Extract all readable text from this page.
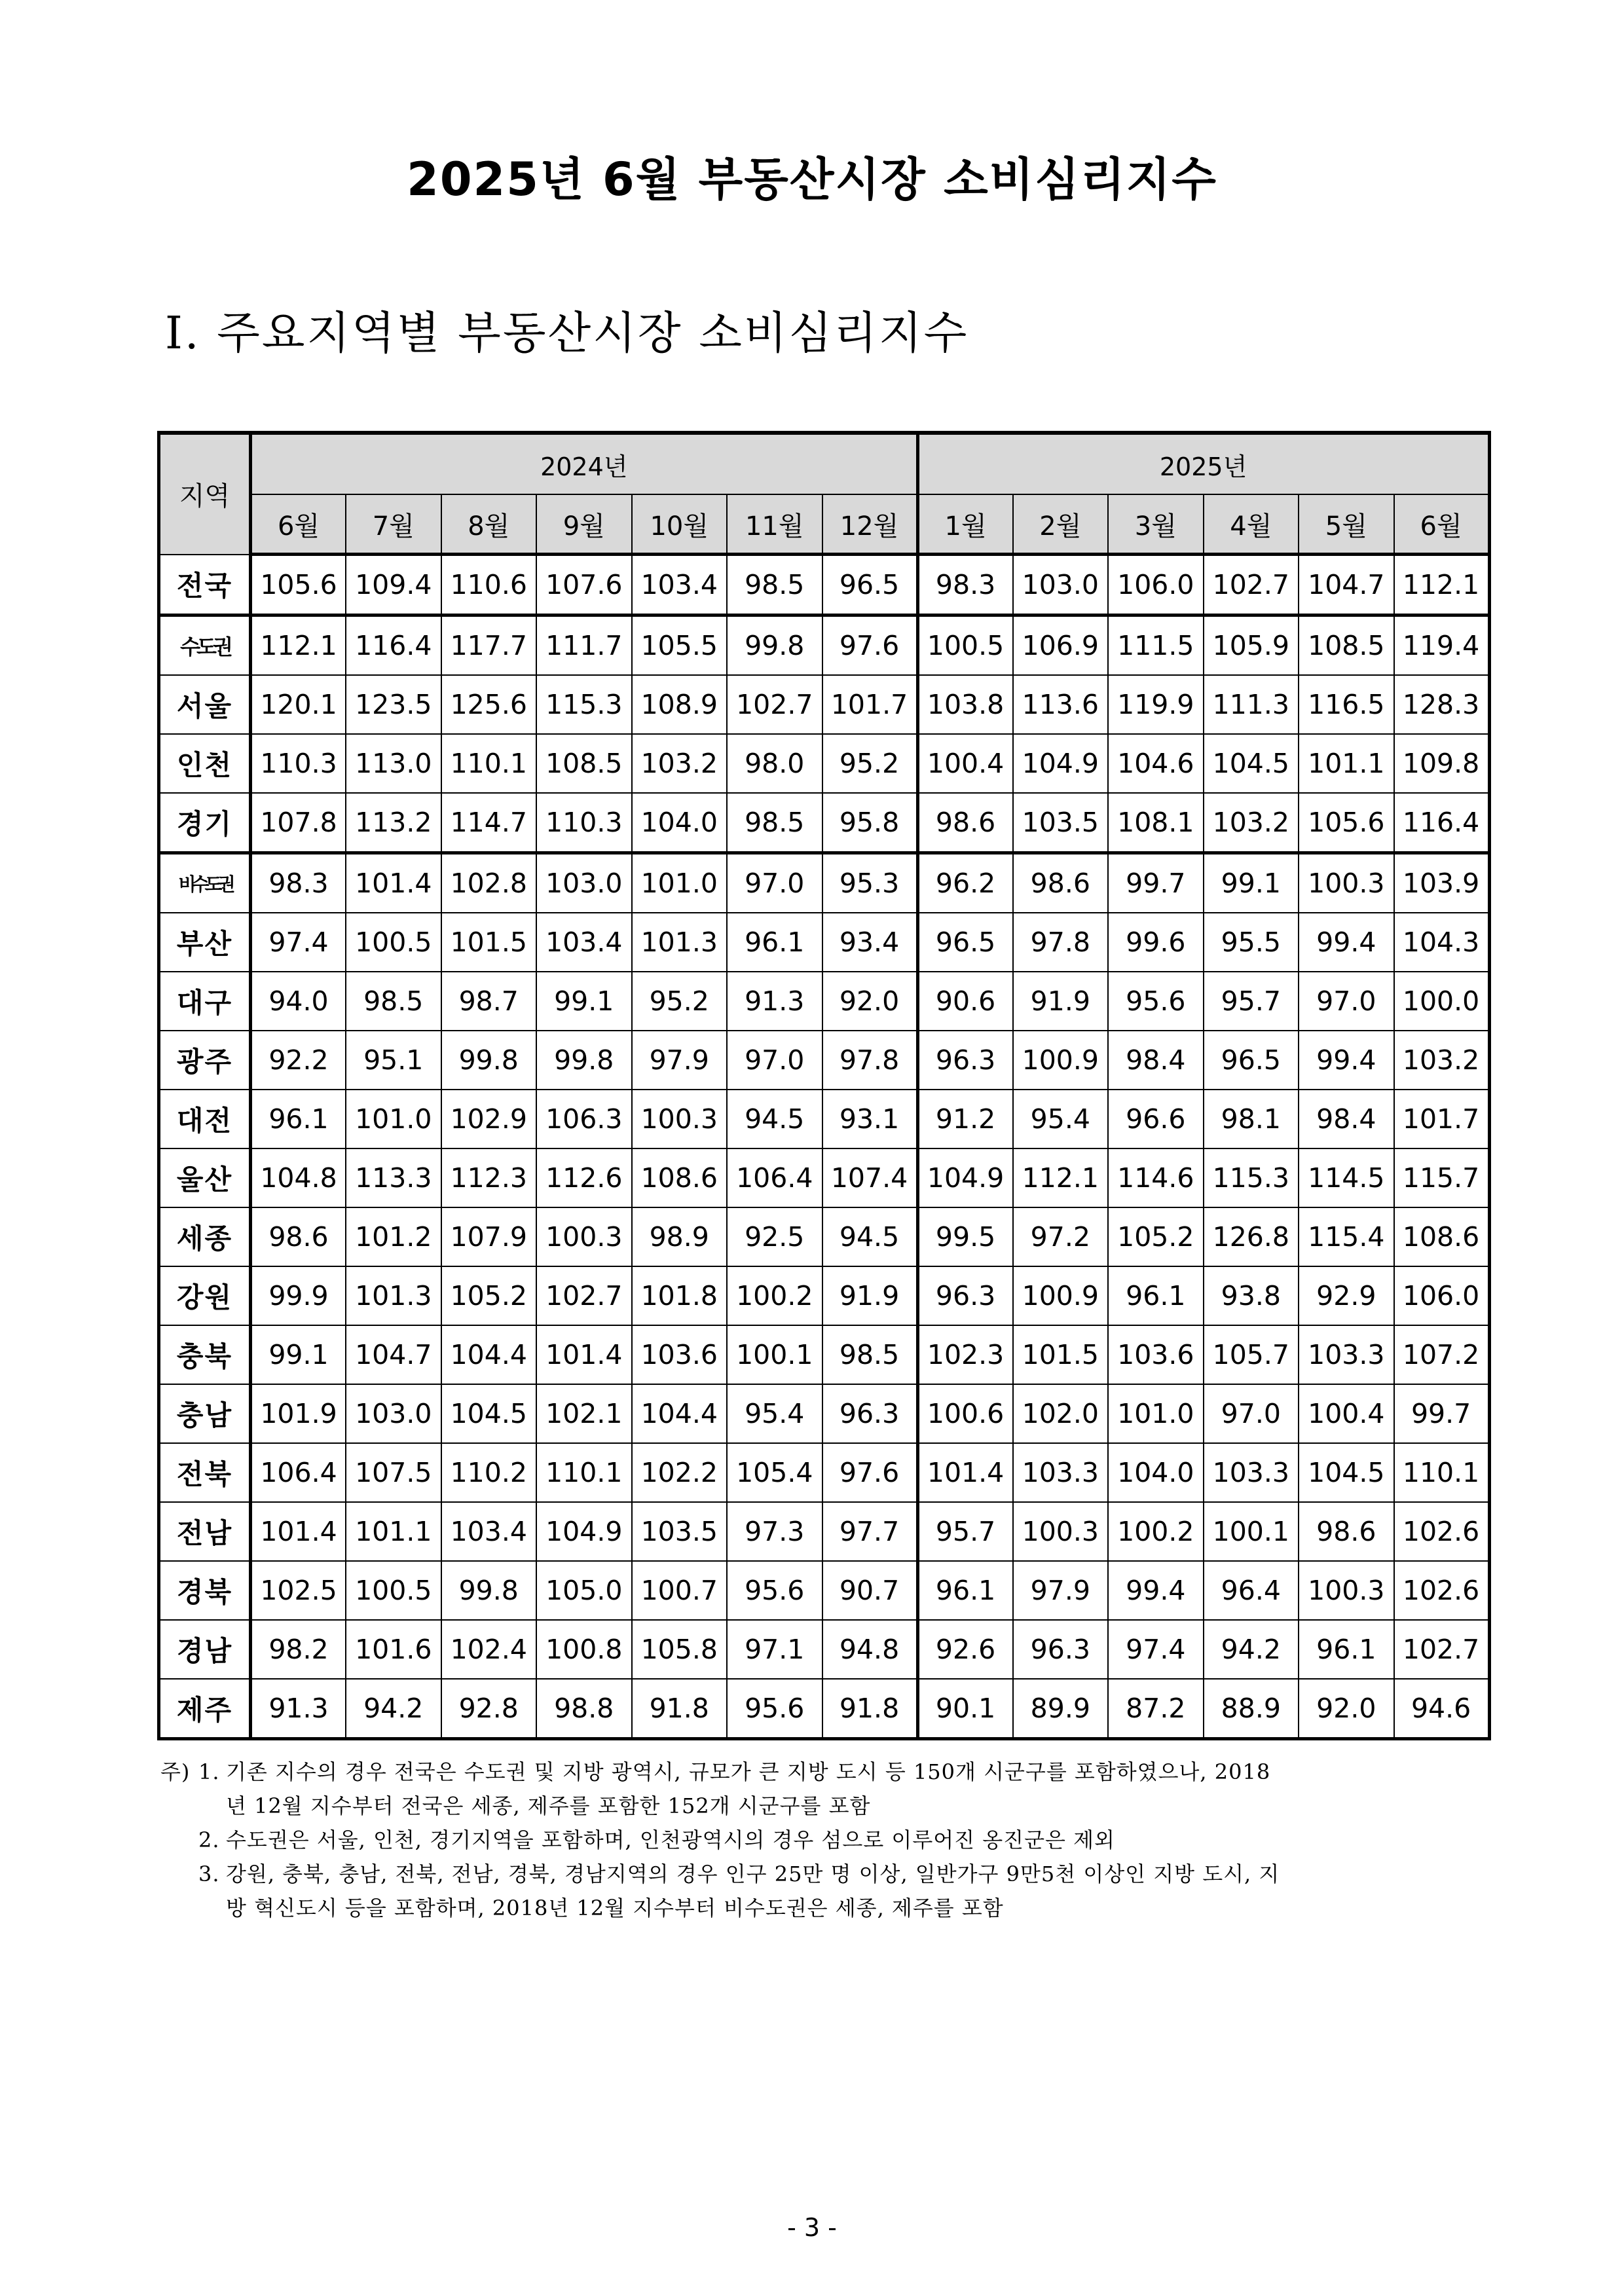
2025년 6월 부동산시장 소비심리지수
Ⅰ. 주요지역별 부동산시장 소비심리지수
지역	2024년							2025년					
	6월	7월	8월	9월	10월	11월	12월	1월	2월	3월	4월	5월	6월
전국	105.6	109.4	110.6	107.6	103.4	98.5	96.5	98.3	103.0	106.0	102.7	104.7	112.1
수도권	112.1	116.4	117.7	111.7	105.5	99.8	97.6	100.5	106.9	111.5	105.9	108.5	119.4
서울	120.1	123.5	125.6	115.3	108.9	102.7	101.7	103.8	113.6	119.9	111.3	116.5	128.3
인천	110.3	113.0	110.1	108.5	103.2	98.0	95.2	100.4	104.9	104.6	104.5	101.1	109.8
경기	107.8	113.2	114.7	110.3	104.0	98.5	95.8	98.6	103.5	108.1	103.2	105.6	116.4
비수도권	98.3	101.4	102.8	103.0	101.0	97.0	95.3	96.2	98.6	99.7	99.1	100.3	103.9
부산	97.4	100.5	101.5	103.4	101.3	96.1	93.4	96.5	97.8	99.6	95.5	99.4	104.3
대구	94.0	98.5	98.7	99.1	95.2	91.3	92.0	90.6	91.9	95.6	95.7	97.0	100.0
광주	92.2	95.1	99.8	99.8	97.9	97.0	97.8	96.3	100.9	98.4	96.5	99.4	103.2
대전	96.1	101.0	102.9	106.3	100.3	94.5	93.1	91.2	95.4	96.6	98.1	98.4	101.7
울산	104.8	113.3	112.3	112.6	108.6	106.4	107.4	104.9	112.1	114.6	115.3	114.5	115.7
세종	98.6	101.2	107.9	100.3	98.9	92.5	94.5	99.5	97.2	105.2	126.8	115.4	108.6
강원	99.9	101.3	105.2	102.7	101.8	100.2	91.9	96.3	100.9	96.1	93.8	92.9	106.0
충북	99.1	104.7	104.4	101.4	103.6	100.1	98.5	102.3	101.5	103.6	105.7	103.3	107.2
충남	101.9	103.0	104.5	102.1	104.4	95.4	96.3	100.6	102.0	101.0	97.0	100.4	99.7
전북	106.4	107.5	110.2	110.1	102.2	105.4	97.6	101.4	103.3	104.0	103.3	104.5	110.1
전남	101.4	101.1	103.4	104.9	103.5	97.3	97.7	95.7	100.3	100.2	100.1	98.6	102.6
경북	102.5	100.5	99.8	105.0	100.7	95.6	90.7	96.1	97.9	99.4	96.4	100.3	102.6
경남	98.2	101.6	102.4	100.8	105.8	97.1	94.8	92.6	96.3	97.4	94.2	96.1	102.7
제주	91.3	94.2	92.8	98.8	91.8	95.6	91.8	90.1	89.9	87.2	88.9	92.0	94.6
주) 1. 기존 지수의 경우 전국은 수도권 및 지방 광역시, 규모가 큰 지방 도시 등 150개 시군구를 포함하였으나, 2018
년 12월 지수부터 전국은 세종, 제주를 포함한 152개 시군구를 포함
2. 수도권은 서울, 인천, 경기지역을 포함하며, 인천광역시의 경우 섬으로 이루어진 옹진군은 제외
3. 강원, 충북, 충남, 전북, 전남, 경북, 경남지역의 경우 인구 25만 명 이상, 일반가구 9만5천 이상인 지방 도시, 지
방 혁신도시 등을 포함하며, 2018년 12월 지수부터 비수도권은 세종, 제주를 포함
- 3 -
